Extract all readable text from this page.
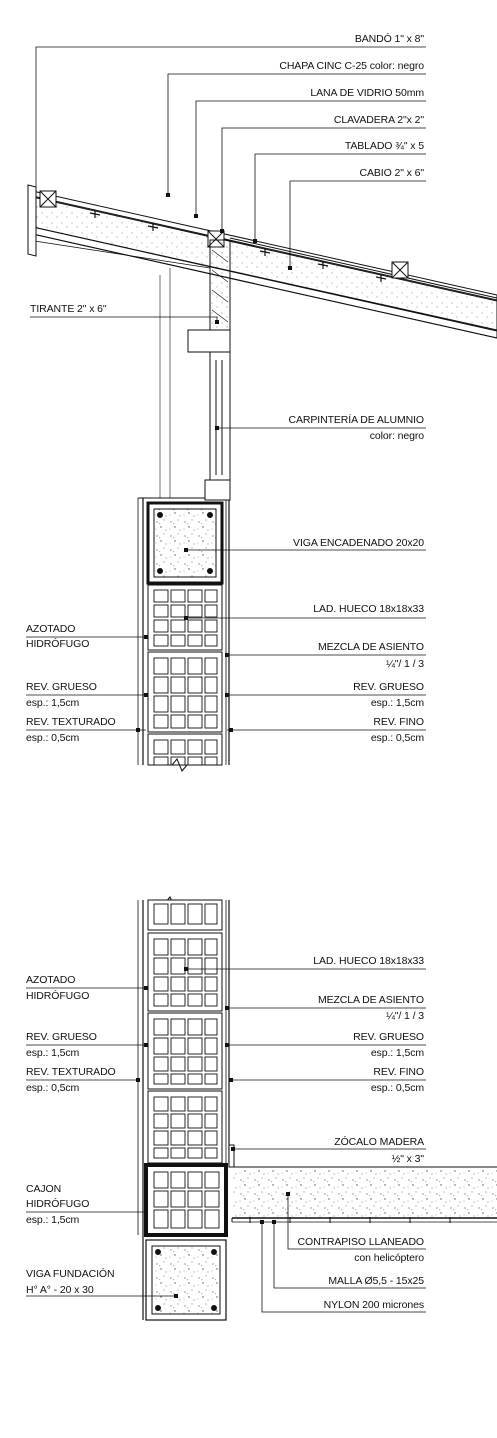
BANDÓ 1" x 8"
CHAPA CINC C-25 color: negro
LANA DE VIDRIO 50mm
CLAVADERA 2"x 2"
TABLADO ¾" x 5
CABIO 2" x 6"
TIRANTE 2" x 6"
CARPINTERÍA DE ALUMNIO
color: negro
VIGA ENCADENADO 20x20
LAD. HUECO 18x18x33
AZOTADO
HIDRÓFUGO	MEZCLA DE ASIENTO
¼"/ 1 / 3
REV. GRUESO
esp.: 1,5cm
REV. GRUESO
esp.: 1,5cm
REV. TEXTURADO
esp.: 0,5cm
REV. FINO
esp.: 0,5cm
LAD. HUECO 18x18x33
AZOTADO
HIDRÓFUGO	MEZCLA DE ASIENTO
¼"/ 1 / 3
REV. GRUESO
esp.: 1,5cm
REV. GRUESO
esp.: 1,5cm
REV. TEXTURADO
esp.: 0,5cm
REV. FINO
esp.: 0,5cm
ZÓCALO MADERA
½" x 3"
CAJON
HIDRÓFUGO
esp.: 1,5cm
CONTRAPISO LLANEADO
con helicóptero
VIGA FUNDACIÓN
H° A° - 20 x 30
MALLA Ø5,5 - 15x25
NYLON 200 micrones
